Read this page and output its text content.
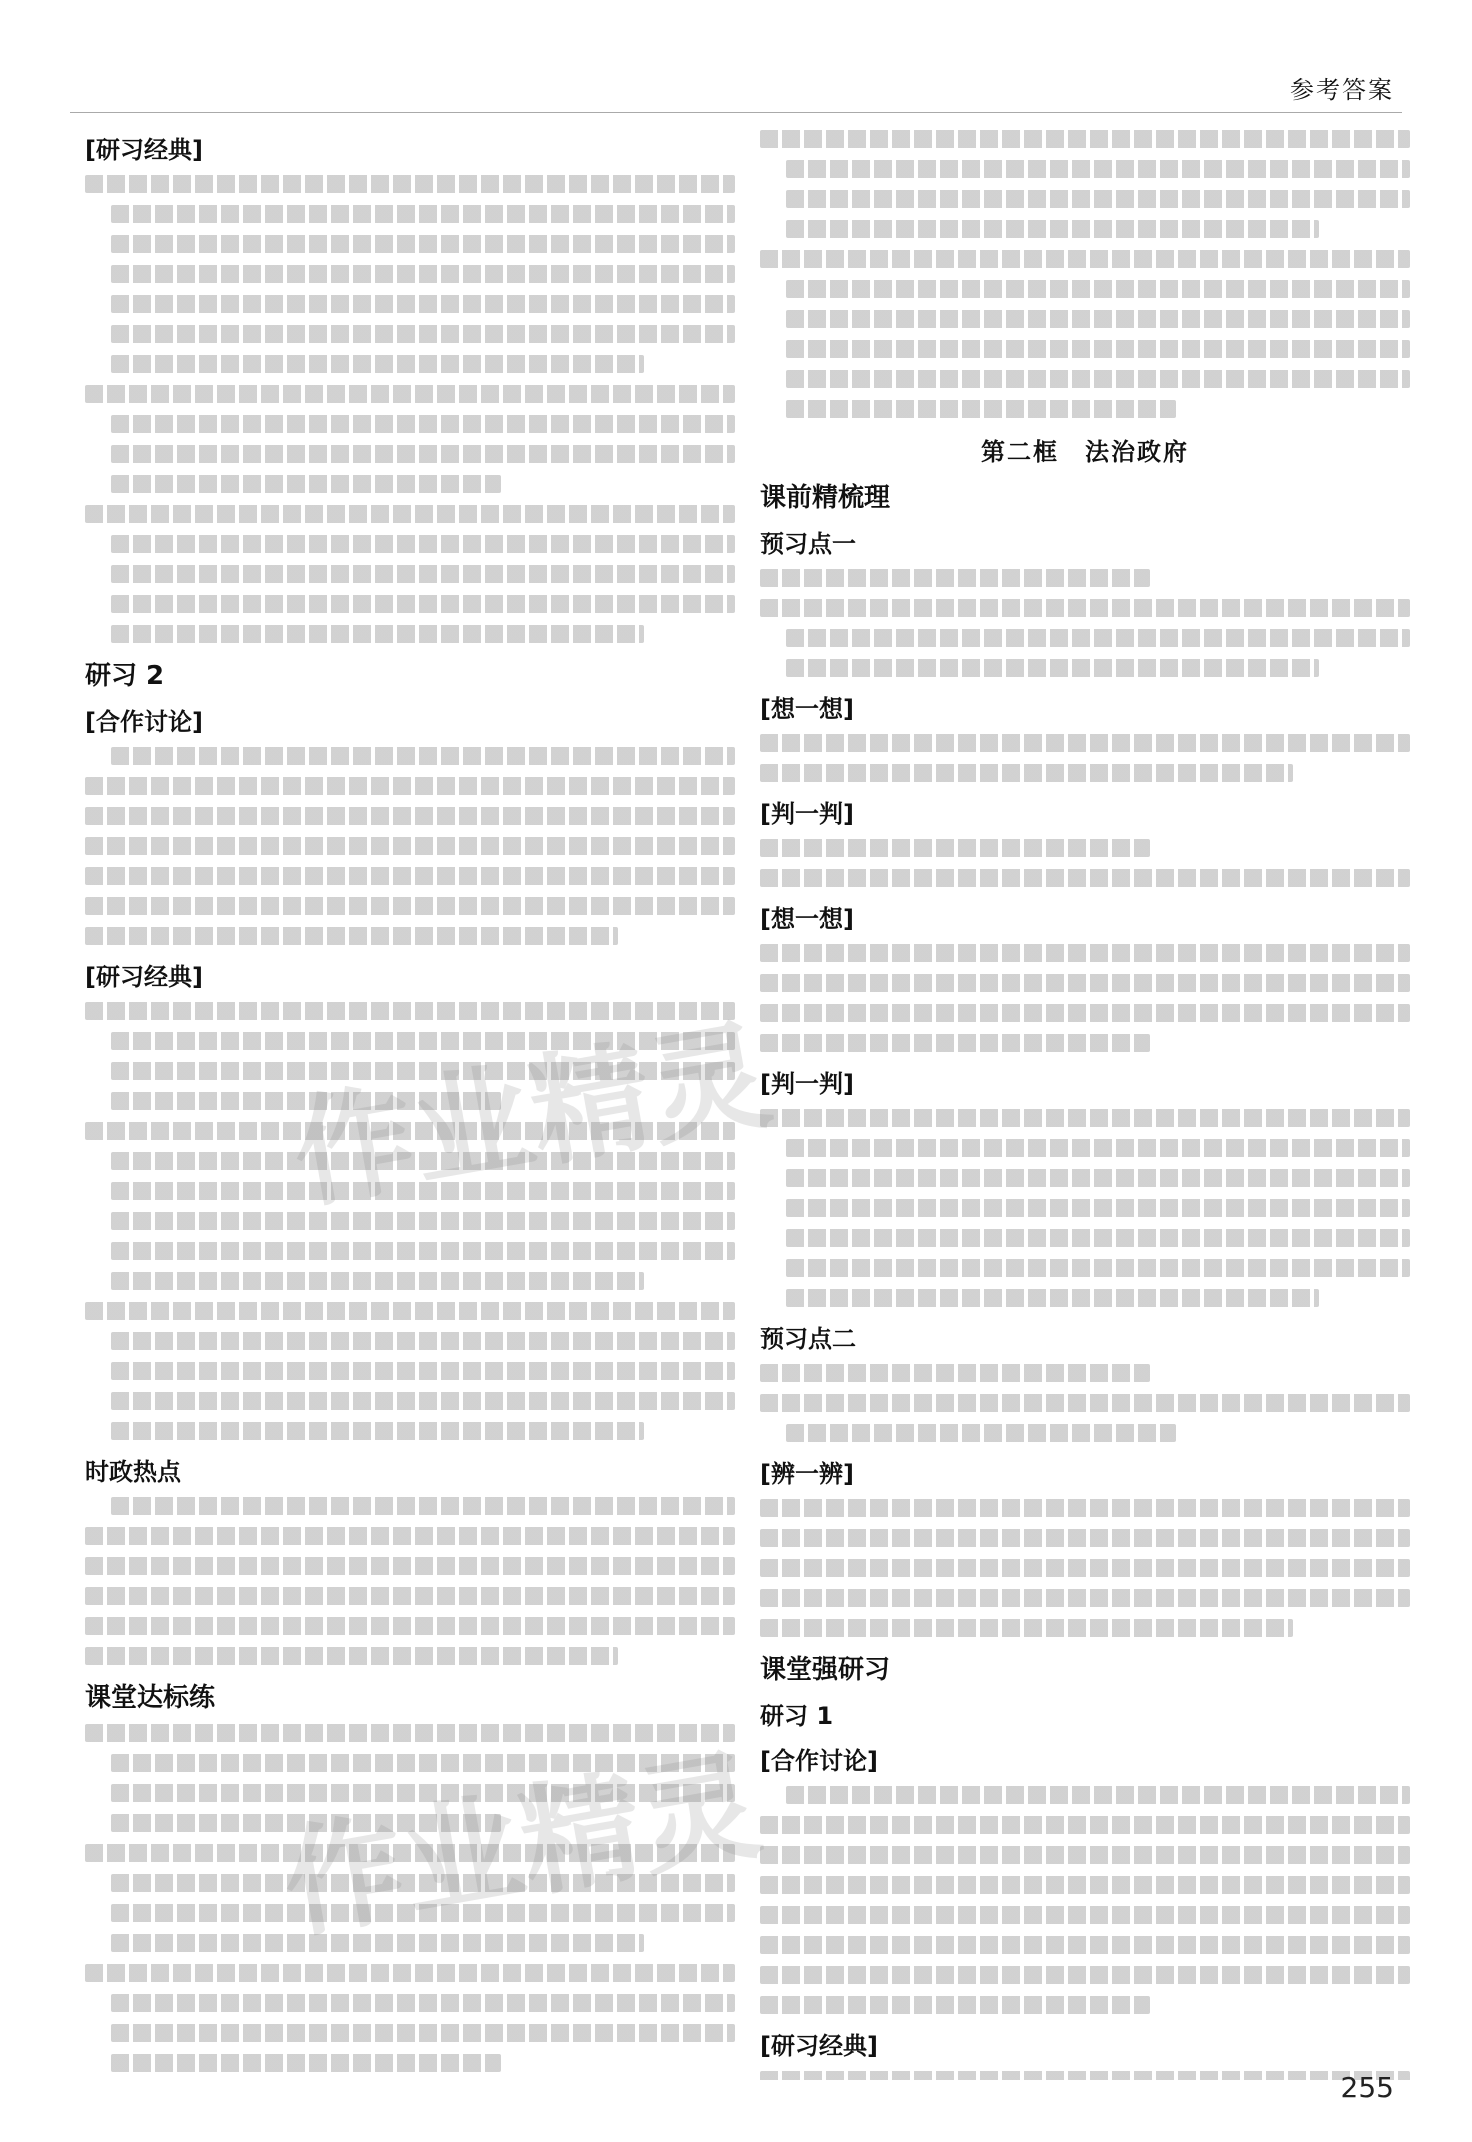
参考答案
[研习经典]
研习 2
[合作讨论]
[研习经典]
时政热点
课堂达标练
第二框　法治政府
课前精梳理
预习点一
[想一想]
[判一判]
[想一想]
[判一判]
预习点二
[辨一辨]
课堂强研习
研习 1
[合作讨论]
[研习经典]
作业精灵
255
